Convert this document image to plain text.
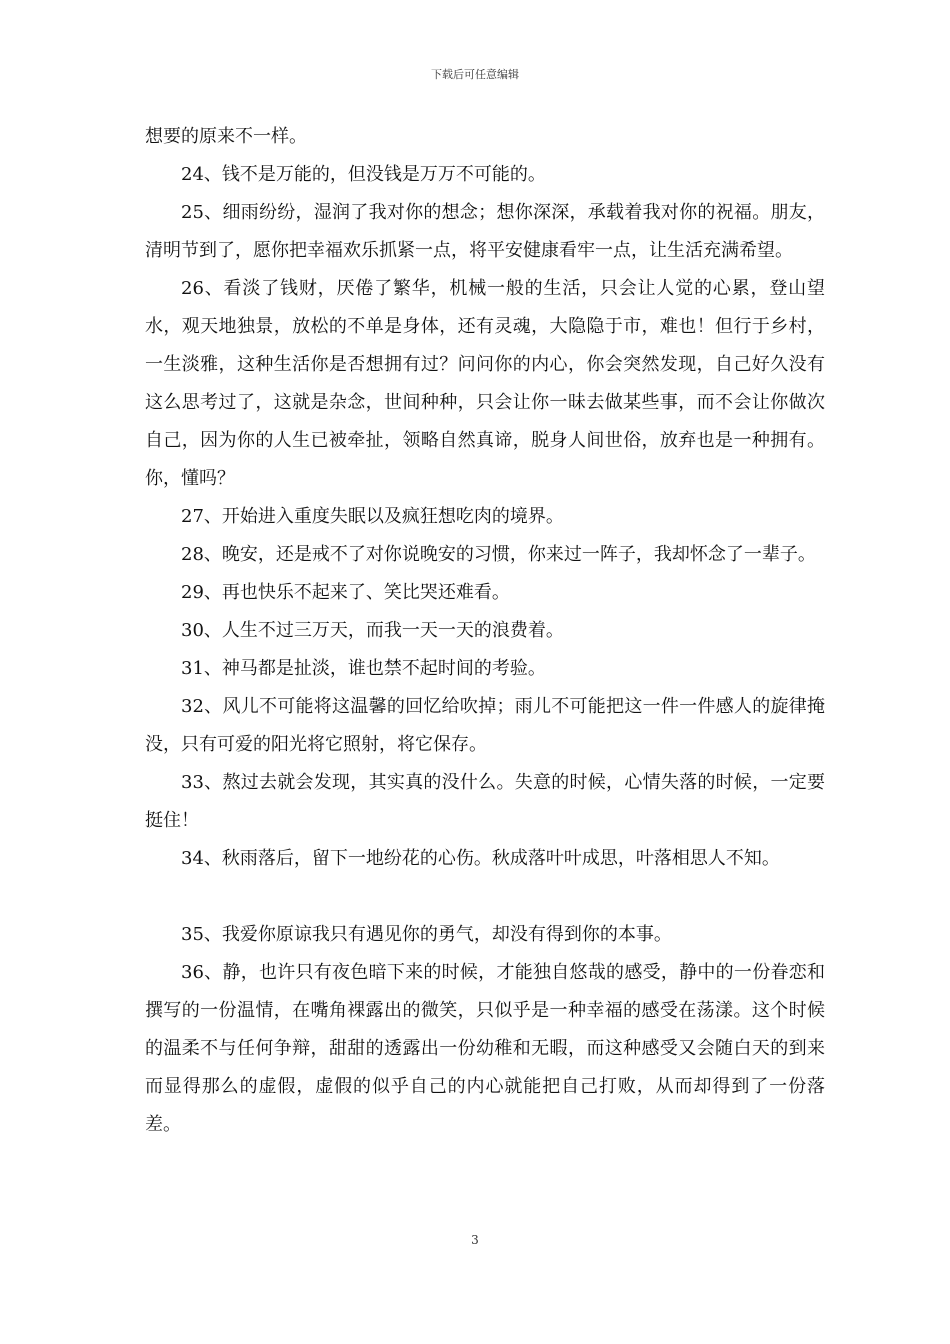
下载后可任意编辑

想要的原来不一样。

24、钱不是万能的，但没钱是万万不可能的。

25、细雨纷纷，湿润了我对你的想念；想你深深，承载着我对你的祝福。朋友，清明节到了，愿你把幸福欢乐抓紧一点，将平安健康看牢一点，让生活充满希望。

26、看淡了钱财，厌倦了繁华，机械一般的生活，只会让人觉的心累，登山望水，观天地独景，放松的不单是身体，还有灵魂，大隐隐于市，难也！但行于乡村，一生淡雅，这种生活你是否想拥有过？问问你的内心，你会突然发现，自己好久没有这么思考过了，这就是杂念，世间种种，只会让你一昧去做某些事，而不会让你做次自己，因为你的人生已被牵扯，领略自然真谛，脱身人间世俗，放弃也是一种拥有。你，懂吗？

27、开始进入重度失眠以及疯狂想吃肉的境界。

28、晚安，还是戒不了对你说晚安的习惯，你来过一阵子，我却怀念了一辈子。

29、再也快乐不起来了、笑比哭还难看。

30、人生不过三万天，而我一天一天的浪费着。

31、神马都是扯淡，谁也禁不起时间的考验。

32、风儿不可能将这温馨的回忆给吹掉；雨儿不可能把这一件一件感人的旋律掩没，只有可爱的阳光将它照射，将它保存。

33、熬过去就会发现，其实真的没什么。失意的时候，心情失落的时候，一定要挺住！

34、秋雨落后，留下一地纷花的心伤。秋成落叶叶成思，叶落相思人不知。

35、我爱你原谅我只有遇见你的勇气，却没有得到你的本事。

36、静，也许只有夜色暗下来的时候，才能独自悠哉的感受，静中的一份眷恋和撰写的一份温情，在嘴角裸露出的微笑，只似乎是一种幸福的感受在荡漾。这个时候的温柔不与任何争辩，甜甜的透露出一份幼稚和无暇，而这种感受又会随白天的到来而显得那么的虚假，虚假的似乎自己的内心就能把自己打败，从而却得到了一份落差。

3
